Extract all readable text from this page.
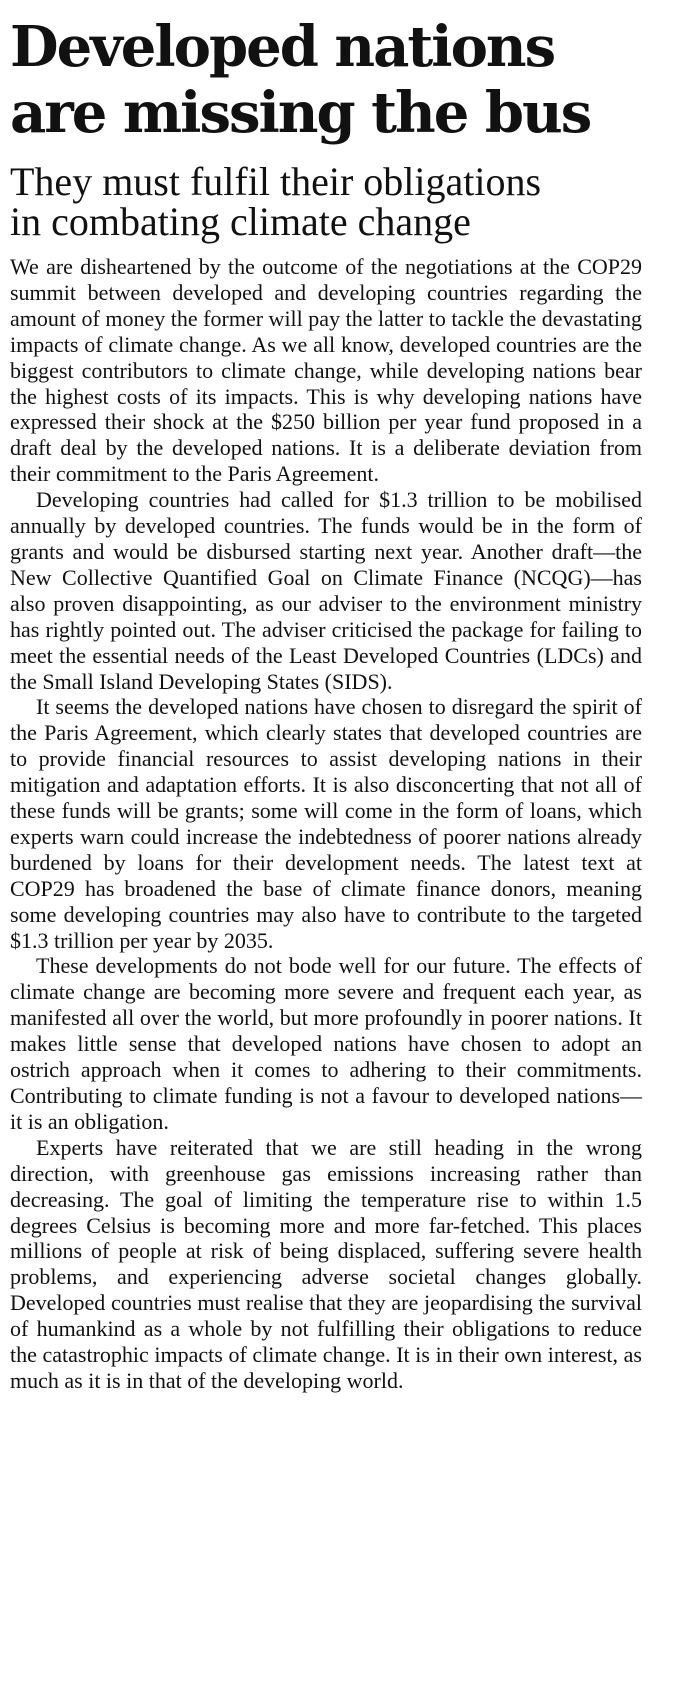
Developed nations
are missing the bus
They must fulfil their obligations
in combating climate change

We are disheartened by the outcome of the negotiations at the COP29 summit between developed and developing countries regarding the amount of money the former will pay the latter to tackle the devastating impacts of climate change. As we all know, developed countries are the biggest contributors to climate change, while developing nations bear the highest costs of its impacts. This is why developing nations have expressed their shock at the $250 billion per year fund proposed in a draft deal by the developed nations. It is a deliberate deviation from their commitment to the Paris Agreement.

Developing countries had called for $1.3 trillion to be mobilised annually by developed countries. The funds would be in the form of grants and would be disbursed starting next year. Another draft—the New Collective Quantified Goal on Climate Finance (NCQG)—has also proven disappointing, as our adviser to the environment ministry has rightly pointed out. The adviser criticised the package for failing to meet the essential needs of the Least Developed Countries (LDCs) and the Small Island Developing States (SIDS).

It seems the developed nations have chosen to disregard the spirit of the Paris Agreement, which clearly states that developed countries are to provide financial resources to assist developing nations in their mitigation and adaptation efforts. It is also disconcerting that not all of these funds will be grants; some will come in the form of loans, which experts warn could increase the indebtedness of poorer nations already burdened by loans for their development needs. The latest text at COP29 has broadened the base of climate finance donors, meaning some developing countries may also have to contribute to the targeted $1.3 trillion per year by 2035.

These developments do not bode well for our future. The effects of climate change are becoming more severe and frequent each year, as manifested all over the world, but more profoundly in poorer nations. It makes little sense that developed nations have chosen to adopt an ostrich approach when it comes to adhering to their commitments. Contributing to climate funding is not a favour to developed nations—it is an obligation.

Experts have reiterated that we are still heading in the wrong direction, with greenhouse gas emissions increasing rather than decreasing. The goal of limiting the temperature rise to within 1.5 degrees Celsius is becoming more and more far-fetched. This places millions of people at risk of being displaced, suffering severe health problems, and experiencing adverse societal changes globally. Developed countries must realise that they are jeopardising the survival of humankind as a whole by not fulfilling their obligations to reduce the catastrophic impacts of climate change. It is in their own interest, as much as it is in that of the developing world.
